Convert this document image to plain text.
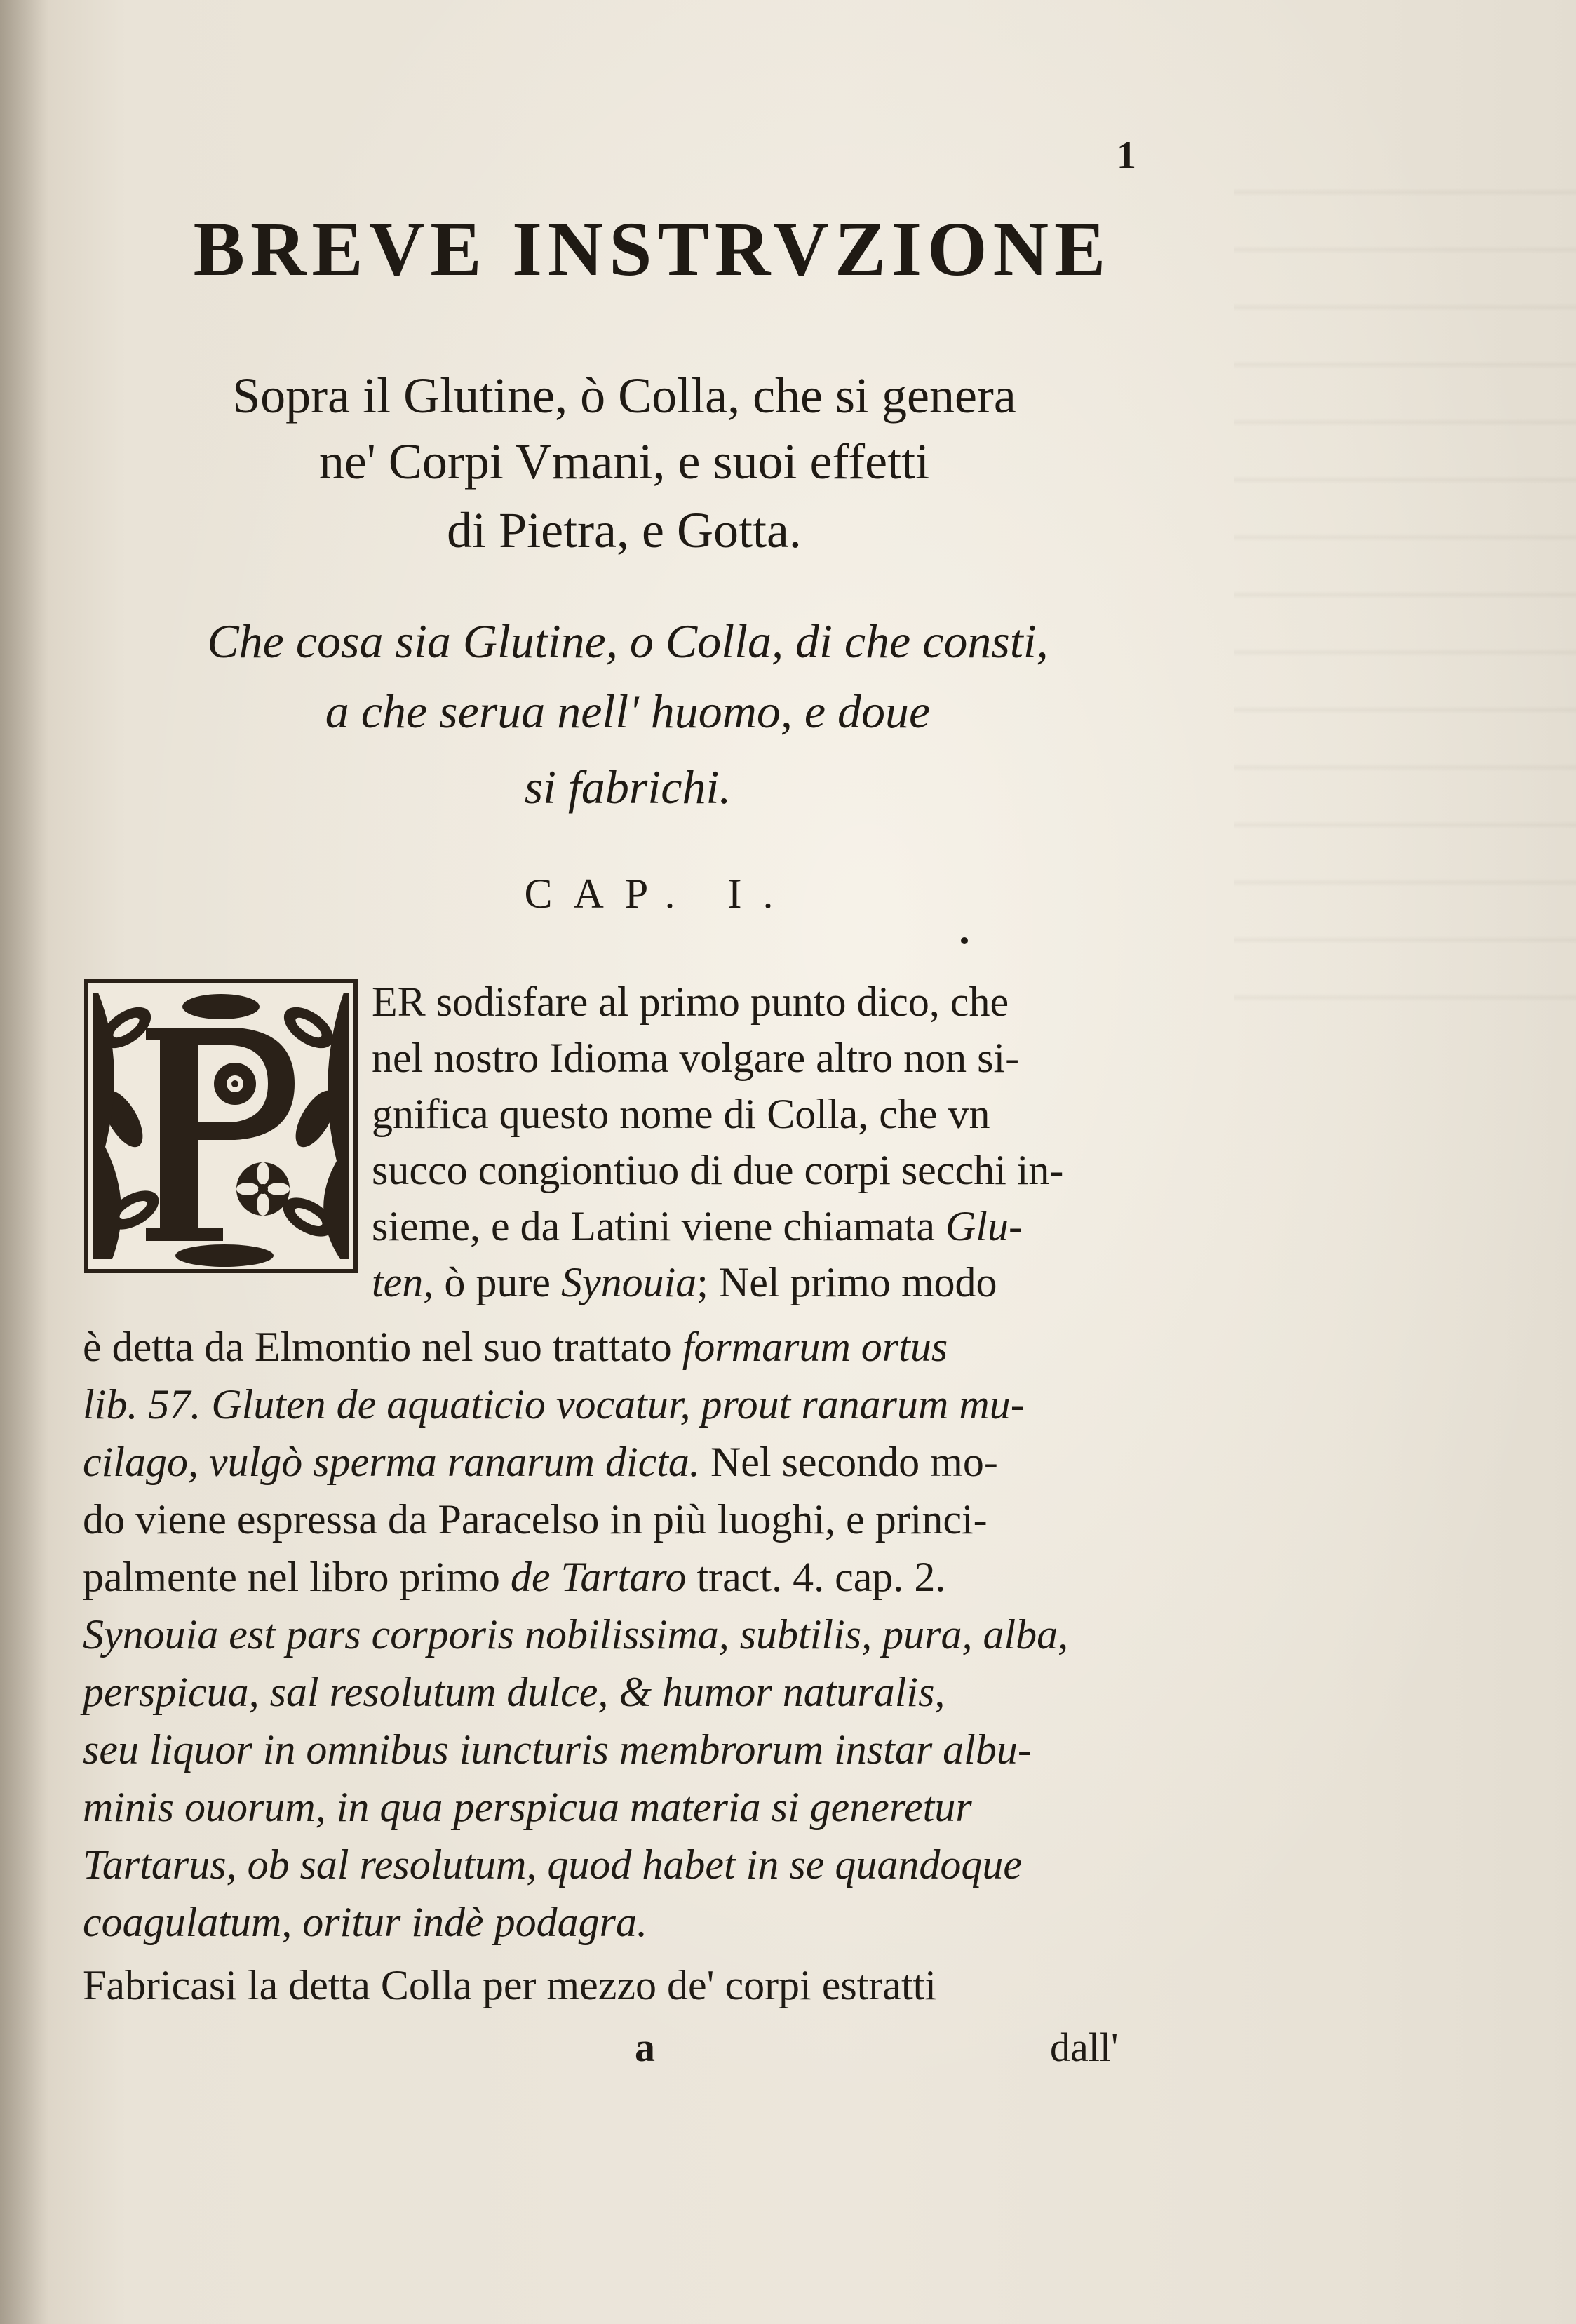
1
BREVE INSTRVZIONE
Sopra il Glutine, ò Colla, che si genera
ne' Corpi Vmani, e suoi effetti
di Pietra, e Gotta.
Che cosa sia Glutine, o Colla, di che consti,
a che serua nell' huomo, e doue
si fabrichi.
CAP. I.
ER sodisfare al primo punto dico, che
nel nostro Idioma volgare altro non si-
gnifica questo nome di Colla, che vn
succo congiontiuo di due corpi secchi in-
sieme, e da Latini viene chiamata Glu-
ten, ò pure Synouia; Nel primo modo
è detta da Elmontio nel suo trattato formarum ortus
lib. 57. Gluten de aquaticio vocatur, prout ranarum mu-
cilago, vulgò sperma ranarum dicta. Nel secondo mo-
do viene espressa da Paracelso in più luoghi, e princi-
palmente nel libro primo de Tartaro tract. 4. cap. 2.
Synouia est pars corporis nobilissima, subtilis, pura, alba,
perspicua, sal resolutum dulce, & humor naturalis,
seu liquor in omnibus iuncturis membrorum instar albu-
minis ouorum, in qua perspicua materia si generetur
Tartarus, ob sal resolutum, quod habet in se quandoque
coagulatum, oritur indè podagra.
Fabricasi la detta Colla per mezzo de' corpi estratti
a	dall'
